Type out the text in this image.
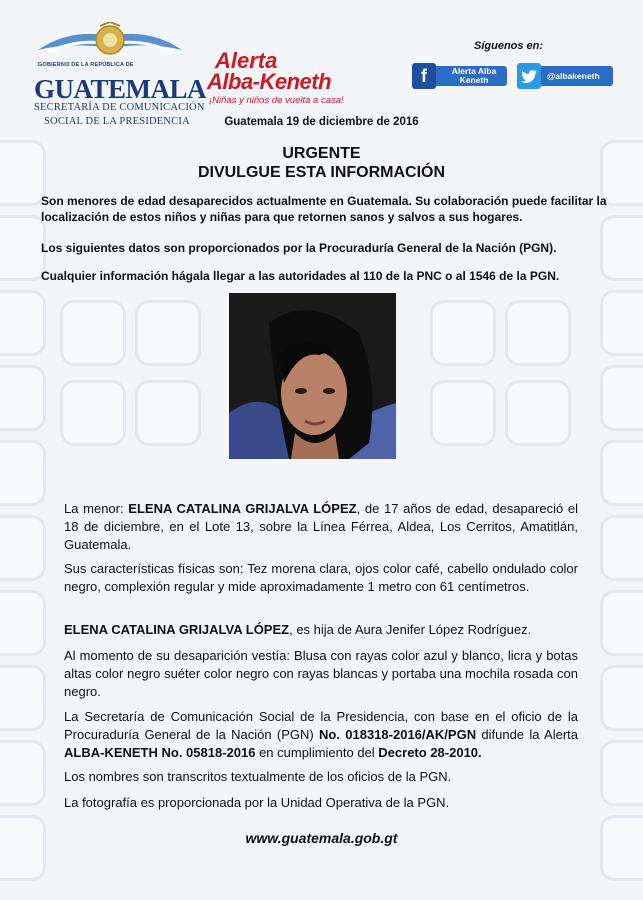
GOBIERNO DE LA REPÚBLICA DE
GUATEMALA
SECRETARÍA DE COMUNICACIÓN
SOCIAL DE LA PRESIDENCIA
Alerta
Alba-Keneth
¡Niñas y niños de vuelta a casa!
Síguenos en:
f	Alerta Alba Keneth	@albakeneth
Guatemala 19 de diciembre de 2016
URGENTE
DIVULGUE ESTA INFORMACIÓN
Son menores de edad desaparecidos actualmente en Guatemala. Su colaboración puede facilitar la localización de estos niños y niñas para que retornen sanos y salvos a sus hogares.
Los siguientes datos son proporcionados por la Procuraduría General de la Nación (PGN).
Cualquier información hágala llegar a las autoridades al 110 de la PNC o al 1546 de la PGN.
La menor: ELENA CATALINA GRIJALVA LÓPEZ, de 17 años de edad, desapareció el 18 de diciembre, en el Lote 13, sobre la Línea Férrea, Aldea, Los Cerritos, Amatitlán, Guatemala.
Sus características físicas son: Tez morena clara, ojos color café, cabello ondulado color negro, complexión regular y mide aproximadamente 1 metro con 61 centímetros.
ELENA CATALINA GRIJALVA LÓPEZ, es hija de Aura Jenifer López Rodríguez.
Al momento de su desaparición vestía: Blusa con rayas color azul y blanco, licra y botas altas color negro suéter color negro con rayas blancas y portaba una mochila rosada con negro.
La Secretaría de Comunicación Social de la Presidencia, con base en el oficio de la Procuraduría General de la Nación (PGN) No. 018318-2016/AK/PGN difunde la Alerta ALBA-KENETH No. 05818-2016 en cumplimiento del Decreto 28-2010.
Los nombres son transcritos textualmente de los oficios de la PGN.
La fotografía es proporcionada por la Unidad Operativa de la PGN.
www.guatemala.gob.gt
